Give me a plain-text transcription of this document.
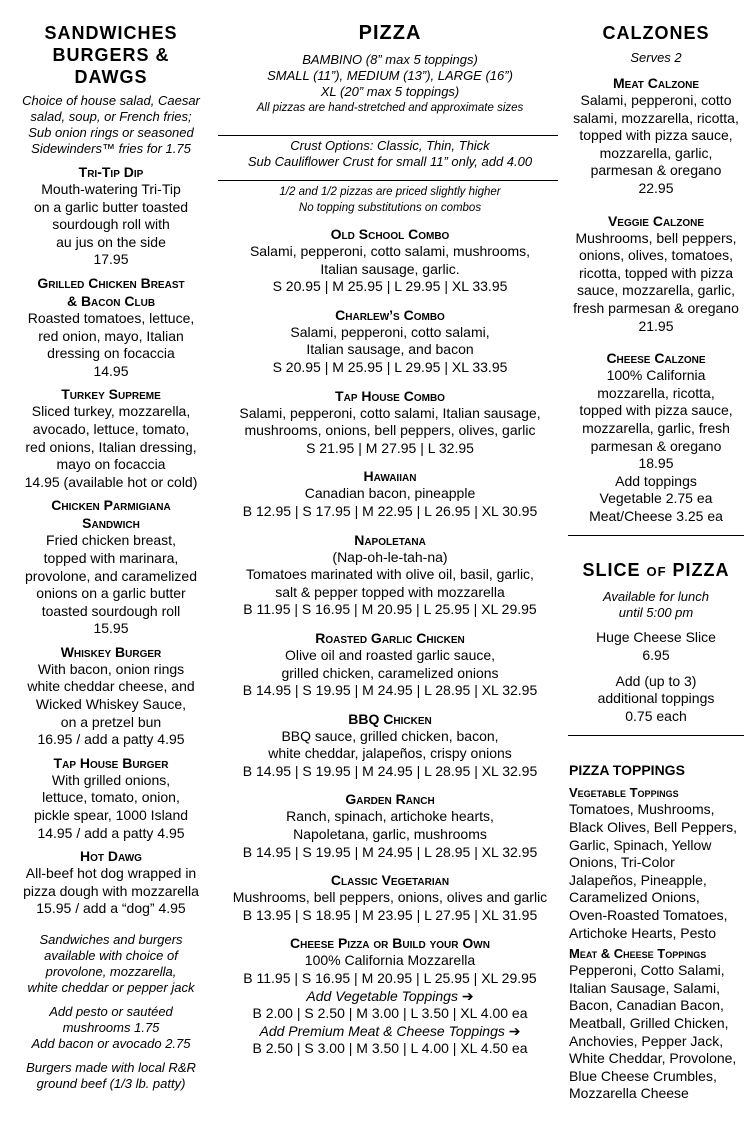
SANDWICHES
BURGERS &
DAWGS
Choice of house salad, Caesar
salad, soup, or French fries;
Sub onion rings or seasoned
Sidewinders™ fries for 1.75
Tri-Tip Dip
Mouth-watering Tri-Tip
on a garlic butter toasted
sourdough roll with
au jus on the side
17.95
Grilled Chicken Breast
& Bacon Club
Roasted tomatoes, lettuce,
red onion, mayo, Italian
dressing on focaccia
14.95
Turkey Supreme
Sliced turkey, mozzarella,
avocado, lettuce, tomato,
red onions, Italian dressing,
mayo on focaccia
14.95 (available hot or cold)
Chicken Parmigiana
Sandwich
Fried chicken breast,
topped with marinara,
provolone, and caramelized
onions on a garlic butter
toasted sourdough roll
15.95
Whiskey Burger
With bacon, onion rings
white cheddar cheese, and
Wicked Whiskey Sauce,
on a pretzel bun
16.95 / add a patty 4.95
Tap House Burger
With grilled onions,
lettuce, tomato, onion,
pickle spear, 1000 Island
14.95 / add a patty 4.95
Hot Dawg
All-beef hot dog wrapped in
pizza dough with mozzarella
15.95 / add a “dog” 4.95
Sandwiches and burgers
available with choice of
provolone, mozzarella,
white cheddar or pepper jack
Add pesto or sautéed
mushrooms 1.75
Add bacon or avocado 2.75
Burgers made with local R&R
ground beef (1/3 lb. patty)
PIZZA
BAMBINO (8” max 5 toppings)
SMALL (11”), MEDIUM (13”), LARGE (16”)
XL (20” max 5 toppings)
All pizzas are hand-stretched and approximate sizes
Crust Options: Classic, Thin, Thick
Sub Cauliflower Crust for small 11” only, add 4.00
1/2 and 1/2 pizzas are priced slightly higher
No topping substitutions on combos
Old School Combo
Salami, pepperoni, cotto salami, mushrooms,
Italian sausage, garlic.
S 20.95 | M 25.95 | L 29.95 | XL 33.95
Charlew’s Combo
Salami, pepperoni, cotto salami,
Italian sausage, and bacon
S 20.95 | M 25.95 | L 29.95 | XL 33.95
Tap House Combo
Salami, pepperoni, cotto salami, Italian sausage,
mushrooms, onions, bell peppers, olives, garlic
S 21.95 | M 27.95 | L 32.95
Hawaiian
Canadian bacon, pineapple
B 12.95 | S 17.95 | M 22.95 | L 26.95 | XL 30.95
Napoletana
(Nap-oh-le-tah-na)
Tomatoes marinated with olive oil, basil, garlic,
salt & pepper topped with mozzarella
B 11.95 | S 16.95 | M 20.95 | L 25.95 | XL 29.95
Roasted Garlic Chicken
Olive oil and roasted garlic sauce,
grilled chicken, caramelized onions
B 14.95 | S 19.95 | M 24.95 | L 28.95 | XL 32.95
BBQ Chicken
BBQ sauce, grilled chicken, bacon,
white cheddar, jalapeños, crispy onions
B 14.95 | S 19.95 | M 24.95 | L 28.95 | XL 32.95
Garden Ranch
Ranch, spinach, artichoke hearts,
Napoletana, garlic, mushrooms
B 14.95 | S 19.95 | M 24.95 | L 28.95 | XL 32.95
Classic Vegetarian
Mushrooms, bell peppers, onions, olives and garlic
B 13.95 | S 18.95 | M 23.95 | L 27.95 | XL 31.95
Cheese Pizza or Build your Own
100% California Mozzarella
B 11.95 | S 16.95 | M 20.95 | L 25.95 | XL 29.95
Add Vegetable Toppings ➔
B 2.00 | S 2.50 | M 3.00 | L 3.50 | XL 4.00 ea
Add Premium Meat & Cheese Toppings ➔
B 2.50 | S 3.00 | M 3.50 | L 4.00 | XL 4.50 ea
CALZONES
Serves 2
Meat Calzone
Salami, pepperoni, cotto
salami, mozzarella, ricotta,
topped with pizza sauce,
mozzarella, garlic,
parmesan & oregano
22.95
Veggie Calzone
Mushrooms, bell peppers,
onions, olives, tomatoes,
ricotta, topped with pizza
sauce, mozzarella, garlic,
fresh parmesan & oregano
21.95
Cheese Calzone
100% California
mozzarella, ricotta,
topped with pizza sauce,
mozzarella, garlic, fresh
parmesan & oregano
18.95
Add toppings
Vegetable 2.75 ea
Meat/Cheese 3.25 ea
SLICE of PIZZA
Available for lunch
until 5:00 pm
Huge Cheese Slice
6.95
Add (up to 3)
additional toppings
0.75 each
PIZZA TOPPINGS
Vegetable Toppings
Tomatoes, Mushrooms,
Black Olives, Bell Peppers,
Garlic, Spinach, Yellow
Onions, Tri-Color
Jalapeños, Pineapple,
Caramelized Onions,
Oven-Roasted Tomatoes,
Artichoke Hearts, Pesto
Meat & Cheese Toppings
Pepperoni, Cotto Salami,
Italian Sausage, Salami,
Bacon, Canadian Bacon,
Meatball, Grilled Chicken,
Anchovies, Pepper Jack,
White Cheddar, Provolone,
Blue Cheese Crumbles,
Mozzarella Cheese
